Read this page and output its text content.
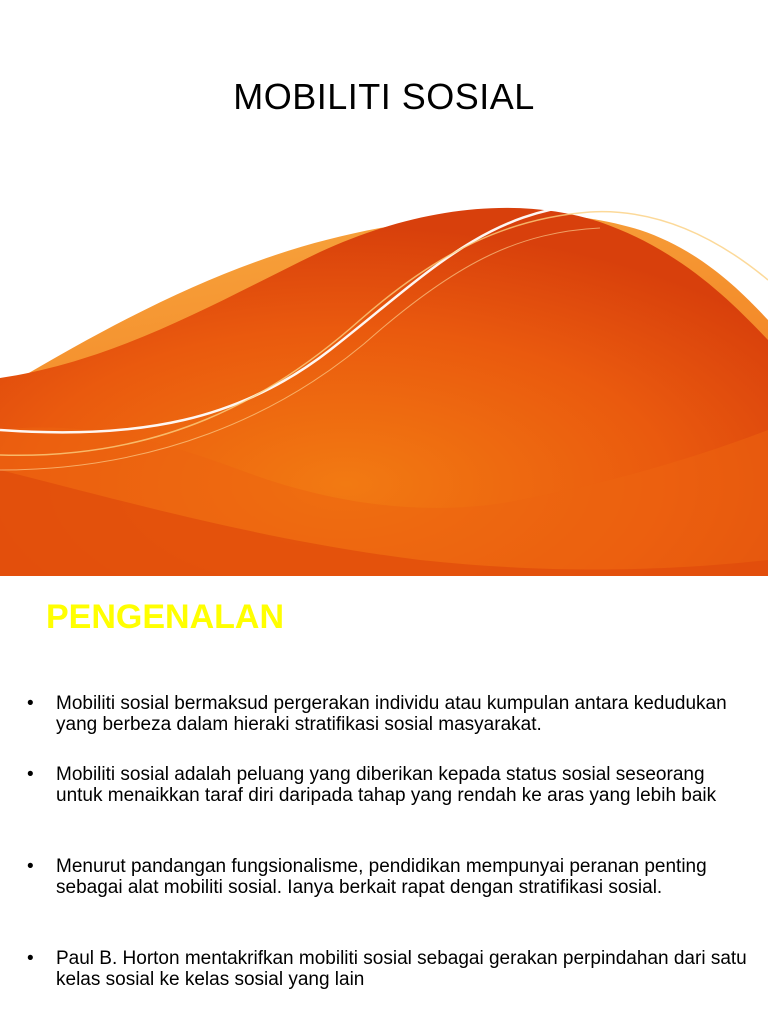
MOBILITI SOSIAL
PENGENALAN
• Mobiliti sosial bermaksud pergerakan individu atau kumpulan antara kedudukan yang berbeza dalam hieraki stratifikasi sosial masyarakat.
• Mobiliti sosial adalah peluang yang diberikan kepada status sosial seseorang untuk menaikkan taraf diri daripada tahap yang rendah ke aras yang lebih baik
• Menurut pandangan fungsionalisme, pendidikan mempunyai peranan penting sebagai alat mobiliti sosial. Ianya berkait rapat dengan stratifikasi sosial.
• Paul B. Horton mentakrifkan mobiliti sosial sebagai gerakan perpindahan dari satu kelas sosial ke kelas sosial yang lain
